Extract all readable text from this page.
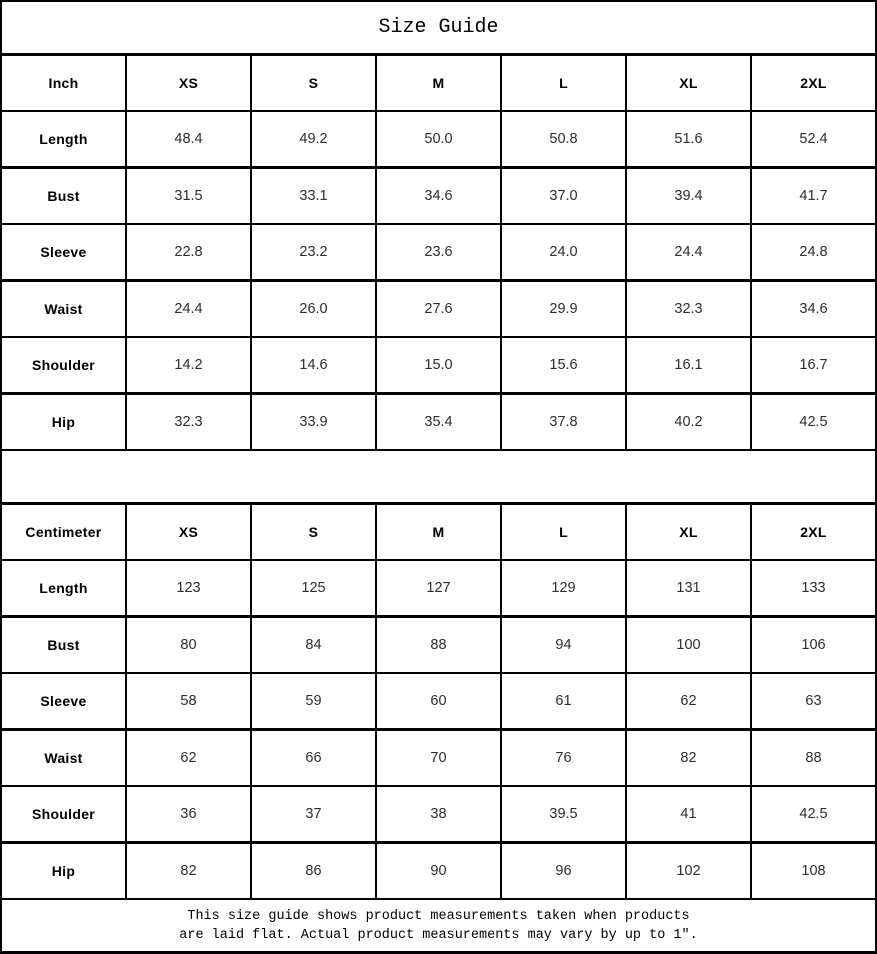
Size Guide
Inch	XS	S	M	L	XL	2XL
Length	48.4	49.2	50.0	50.8	51.6	52.4
Bust	31.5	33.1	34.6	37.0	39.4	41.7
Sleeve	22.8	23.2	23.6	24.0	24.4	24.8
Waist	24.4	26.0	27.6	29.9	32.3	34.6
Shoulder	14.2	14.6	15.0	15.6	16.1	16.7
Hip	32.3	33.9	35.4	37.8	40.2	42.5
Centimeter	XS	S	M	L	XL	2XL
Length	123	125	127	129	131	133
Bust	80	84	88	94	100	106
Sleeve	58	59	60	61	62	63
Waist	62	66	70	76	82	88
Shoulder	36	37	38	39.5	41	42.5
Hip	82	86	90	96	102	108
This size guide shows product measurements taken when products
are laid flat. Actual product measurements may vary by up to 1″.
